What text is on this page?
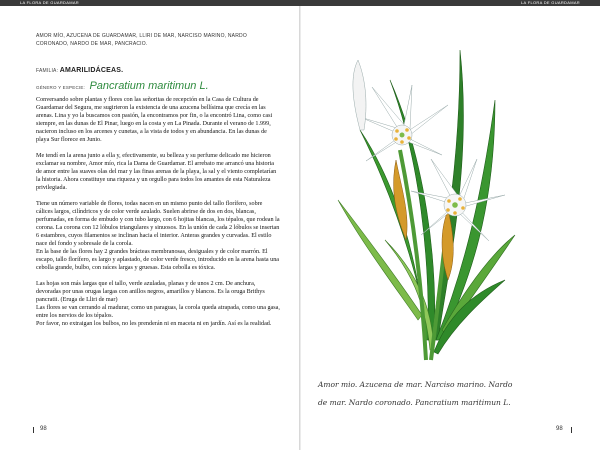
LA FLORA DE GUARDAMAR	LA FLORA DE GUARDAMAR
AMOR MÍO, AZUCENA DE GUARDAMAR, LLIRI DE MAR, NARCISO MARINO, NARDO CORONADO, NARDO DE MAR, PANCRACIO.
FAMILIA: AMARILIDÁCEAS.
GÉNERO Y ESPECIE: Pancratium maritimun L.

Conversando sobre plantas y flores con las señoritas de recepción en la Casa de Cultura de Guardamar del Segura, me sugirieron la existencia de una azucena bellísima que crecía en las arenas. Lina y yo la buscamos con pasión, la encontramos por fin, o la encontró Lina, como casi siempre, en las dunas de El Pinar, luego en la costa y en La Pinada. Durante el verano de 1.999, nacieron incluso en los arcenes y cunetas, a la vista de todos y en abundancia. En las dunas de playa Sur florece en Junio.

Me tendí en la arena junto a ella y, efectivamente, su belleza y su perfume delicado me hicieron exclamar su nombre, Amor mío, rica la Dama de Guardamar. El arrebato me arrancó una historia de amor entre las suaves olas del mar y las finas arenas de la playa, la sal y el viento completarían la historia. Ahora constituye una riqueza y un orgullo para todos los amantes de esta Naturaleza privilegiada.

Tiene un número variable de flores, todas nacen en un mismo punto del tallo florífero, sobre cálices largos, cilíndricos y de color verde azulado. Suelen abrirse de dos en dos, blancas, perfumadas, en forma de embudo y con tubo largo, con 6 hojitas blancas, los tépalos, que rodean la corona. La corona con 12 lóbulos triangulares y sinuosos. En la unión de cada 2 lóbulos se insertan 6 estambres, cuyos filamentos se inclinan hacia el interior. Anteras grandes y curvadas. El estilo nace del fondo y sobresale de la corola.

En la base de las flores hay 2 grandes brácteas membranosas, desiguales y de color marrón. El escapo, tallo florífero, es largo y aplastado, de color verde fresco, introducido en la arena hasta una cebolla grande, bulbo, con raíces largas y gruesas. Esta cebolla es tóxica.

Las hojas son más largas que el tallo, verde azuladas, planas y de unos 2 cm. De anchura, devoradas por unas orugas largas con anillos negros, amarillos y blancos. Es la oruga Brithys pancratii. (Eruga de Lliri de mar)

Las flores se van cerrando al madurar, como un paraguas, la corola queda atrapada, como una gasa, entre los nervios de los tépalos.

Por favor, no extraigan los bulbos, no les prenderán ni en maceta ni en jardín. Así es la realidad.

Amor mio. Azucena de mar. Narciso marino. Nardo
de mar. Nardo coronado. Pancratium maritimun L.
98	98
